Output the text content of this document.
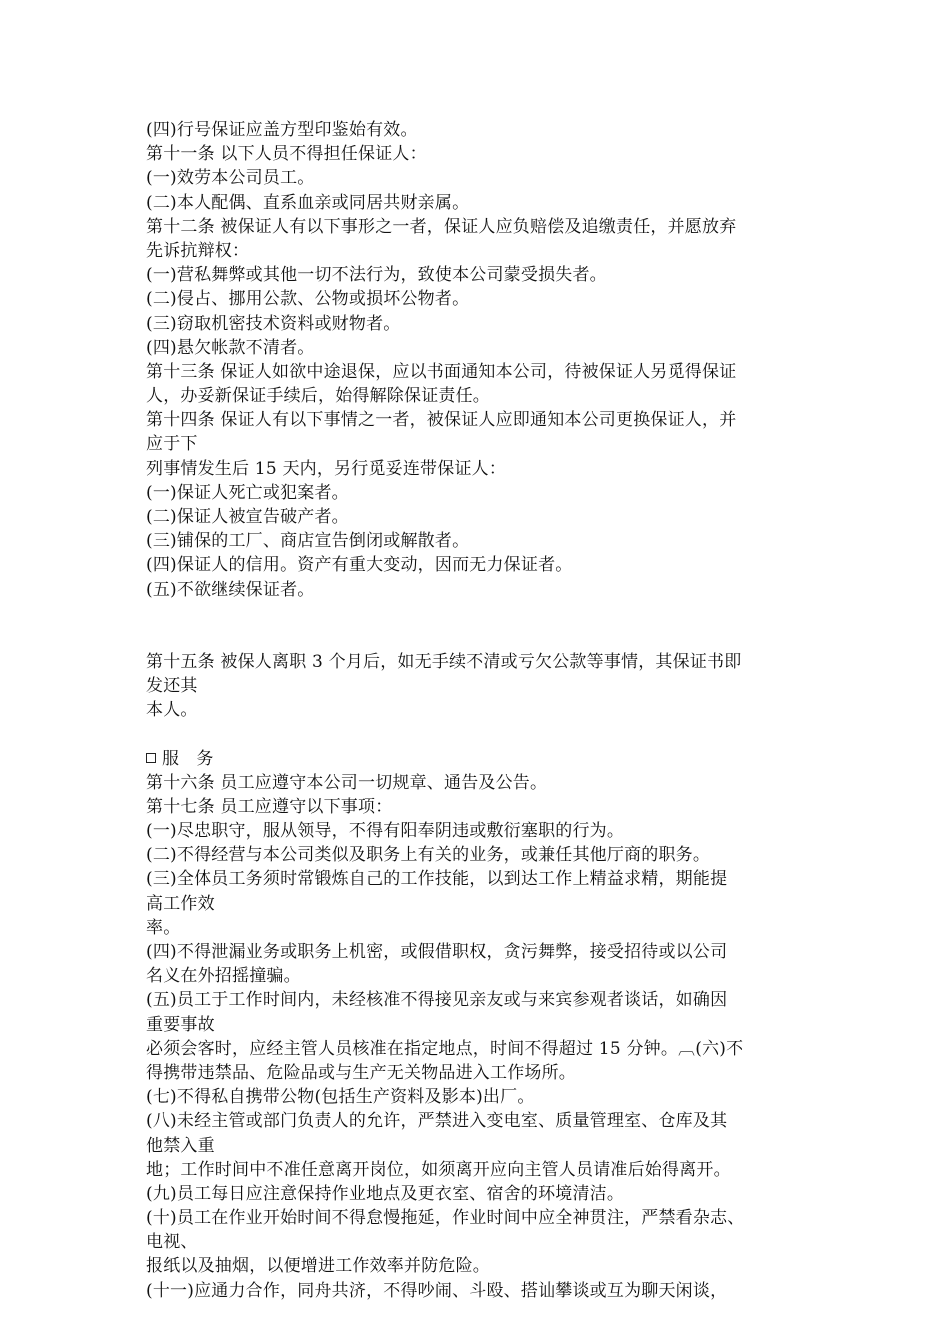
(四)行号保证应盖方型印鉴始有效。
第十一条 以下人员不得担任保证人：
(一)效劳本公司员工。
(二)本人配偶、直系血亲或同居共财亲属。
第十二条 被保证人有以下事形之一者，保证人应负赔偿及追缴责任，并愿放弃
先诉抗辩权：
(一)营私舞弊或其他一切不法行为，致使本公司蒙受损失者。
(二)侵占、挪用公款、公物或损坏公物者。
(三)窃取机密技术资料或财物者。
(四)悬欠帐款不清者。
第十三条 保证人如欲中途退保，应以书面通知本公司，待被保证人另觅得保证
人，办妥新保证手续后，始得解除保证责任。
第十四条 保证人有以下事情之一者，被保证人应即通知本公司更换保证人，并
应于下
列事情发生后 15 天内，另行觅妥连带保证人：
(一)保证人死亡或犯案者。
(二)保证人被宣告破产者。
(三)铺保的工厂、商店宣告倒闭或解散者。
(四)保证人的信用。资产有重大变动，因而无力保证者。
(五)不欲继续保证者。
第十五条 被保人离职 3 个月后，如无手续不清或亏欠公款等事情，其保证书即
发还其
本人。
服 务
第十六条 员工应遵守本公司一切规章、通告及公告。
第十七条 员工应遵守以下事项：
(一)尽忠职守，服从领导，不得有阳奉阴违或敷衍塞职的行为。
(二)不得经营与本公司类似及职务上有关的业务，或兼任其他厅商的职务。
(三)全体员工务须时常锻炼自己的工作技能，以到达工作上精益求精，期能提
高工作效
率。
(四)不得泄漏业务或职务上机密，或假借职权，贪污舞弊，接受招待或以公司
名义在外招摇撞骗。
(五)员工于工作时间内，未经核准不得接见亲友或与来宾参观者谈话，如确因
重要事故
必须会客时，应经主管人员核准在指定地点，时间不得超过 15 分钟。︹(六)不
得携带违禁品、危险品或与生产无关物品进入工作场所。
(七)不得私自携带公物(包括生产资料及影本)出厂。
(八)未经主管或部门负责人的允许，严禁进入变电室、质量管理室、仓库及其
他禁入重
地；工作时间中不准任意离开岗位，如须离开应向主管人员请准后始得离开。
(九)员工每日应注意保持作业地点及更衣室、宿舍的环境清洁。
(十)员工在作业开始时间不得怠慢拖延，作业时间中应全神贯注，严禁看杂志、
电视、
报纸以及抽烟，以便增进工作效率并防危险。
(十一)应通力合作，同舟共济，不得吵闹、斗殴、搭讪攀谈或互为聊天闲谈，
